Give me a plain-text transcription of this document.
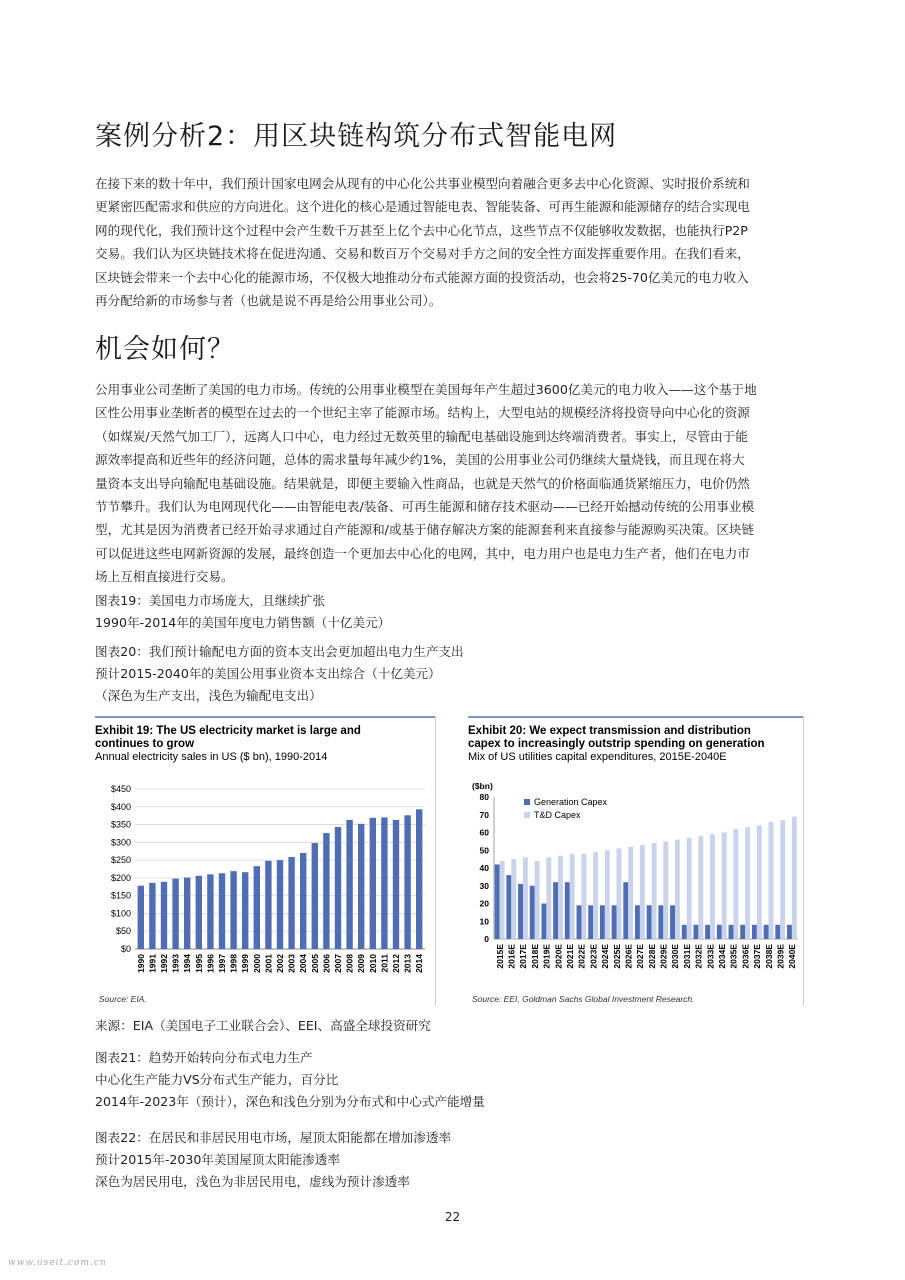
案例分析2：用区块链构筑分布式智能电网
在接下来的数十年中，我们预计国家电网会从现有的中心化公共事业模型向着融合更多去中心化资源、实时报价系统和
更紧密匹配需求和供应的方向进化。这个进化的核心是通过智能电表、智能装备、可再生能源和能源储存的结合实现电
网的现代化，我们预计这个过程中会产生数千万甚至上亿个去中心化节点，这些节点不仅能够收发数据，也能执行P2P
交易。我们认为区块链技术将在促进沟通、交易和数百万个交易对手方之间的安全性方面发挥重要作用。在我们看来，
区块链会带来一个去中心化的能源市场，不仅极大地推动分布式能源方面的投资活动，也会将25-70亿美元的电力收入
再分配给新的市场参与者（也就是说不再是给公用事业公司）。
机会如何？
公用事业公司垄断了美国的电力市场。传统的公用事业模型在美国每年产生超过3600亿美元的电力收入——这个基于地
区性公用事业垄断者的模型在过去的一个世纪主宰了能源市场。结构上，大型电站的规模经济将投资导向中心化的资源
（如煤炭/天然气加工厂），远离人口中心，电力经过无数英里的输配电基础设施到达终端消费者。事实上，尽管由于能
源效率提高和近些年的经济问题，总体的需求量每年减少约1%，美国的公用事业公司仍继续大量烧钱，而且现在将大
量资本支出导向输配电基础设施。结果就是，即便主要输入性商品，也就是天然气的价格面临通货紧缩压力，电价仍然
节节攀升。我们认为电网现代化——由智能电表/装备、可再生能源和储存技术驱动——已经开始撼动传统的公用事业模
型，尤其是因为消费者已经开始寻求通过自产能源和/或基于储存解决方案的能源套利来直接参与能源购买决策。区块链
可以促进这些电网新资源的发展，最终创造一个更加去中心化的电网，其中，电力用户也是电力生产者，他们在电力市
场上互相直接进行交易。
图表19：美国电力市场庞大，且继续扩张
1990年-2014年的美国年度电力销售额（十亿美元）
图表20：我们预计输配电方面的资本支出会更加超出电力生产支出
预计2015-2040年的美国公用事业资本支出综合（十亿美元）
（深色为生产支出，浅色为输配电支出）
Exhibit 19: The US electricity market is large and
continues to grow
Annual electricity sales in US ($ bn), 1990-2014
$0
$50
$100
$150
$200
$250
$300
$350
$400
$450
1990 1991 1992 1993 1994 1995 1996 1997 1998 1999 2000 2001 2002 2003 2004 2005 2006 2007 2008 2009 2010 2011 2012 2013 2014
Source: EIA.
Exhibit 20: We expect transmission and distribution
capex to increasingly outstrip spending on generation
Mix of US utilities capital expenditures, 2015E-2040E
($bn)
0
10
20
30
40
50
60
70
80
2015E 2016E 2017E 2018E 2019E 2020E 2021E 2022E 2023E 2024E 2025E 2026E 2027E 2028E 2029E 2030E 2031E 2032E 2033E 2034E 2035E 2036E 2037E 2038E 2039E 2040E
Generation Capex
T&D Capex
Source: EEI, Goldman Sachs Global Investment Research.
来源：EIA（美国电子工业联合会）、EEI、高盛全球投资研究
图表21：趋势开始转向分布式电力生产
中心化生产能力VS分布式生产能力，百分比
2014年-2023年（预计），深色和浅色分别为分布式和中心式产能增量
图表22：在居民和非居民用电市场，屋顶太阳能都在增加渗透率
预计2015年-2030年美国屋顶太阳能渗透率
深色为居民用电，浅色为非居民用电，虚线为预计渗透率
22
www.useit.com.cn
